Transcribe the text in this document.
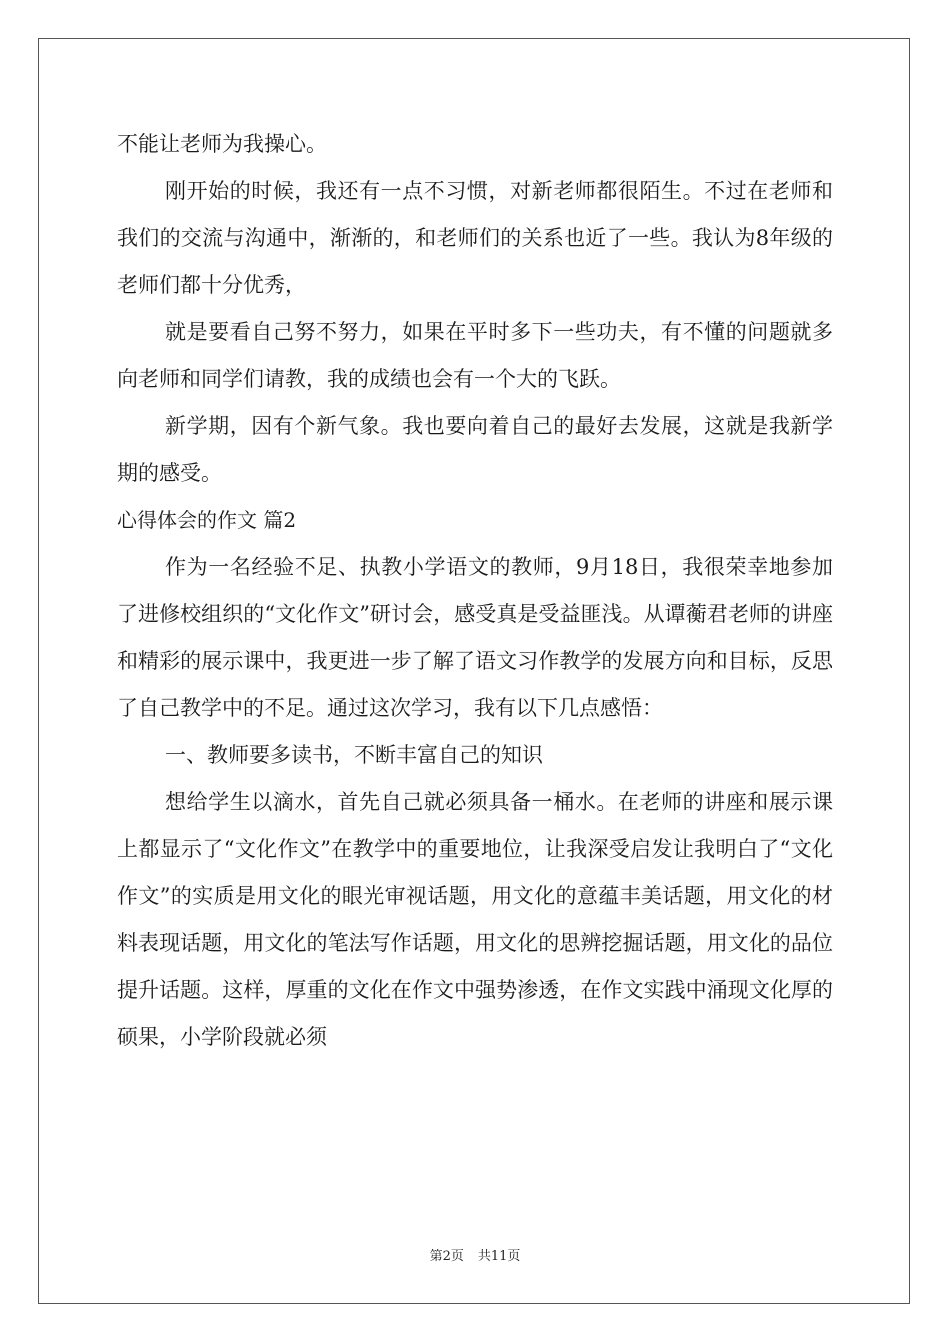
不能让老师为我操心。

刚开始的时候，我还有一点不习惯，对新老师都很陌生。不过在老师和我们的交流与沟通中，渐渐的，和老师们的关系也近了一些。我认为8年级的老师们都十分优秀，

就是要看自己努不努力，如果在平时多下一些功夫，有不懂的问题就多向老师和同学们请教，我的成绩也会有一个大的飞跃。

新学期，因有个新气象。我也要向着自己的最好去发展，这就是我新学期的感受。

心得体会的作文 篇2

作为一名经验不足、执教小学语文的教师，9月18日，我很荣幸地参加了进修校组织的“文化作文”研讨会，感受真是受益匪浅。从谭蘅君老师的讲座和精彩的展示课中，我更进一步了解了语文习作教学的发展方向和目标，反思了自己教学中的不足。通过这次学习，我有以下几点感悟：

一、教师要多读书，不断丰富自己的知识

想给学生以滴水，首先自己就必须具备一桶水。在老师的讲座和展示课上都显示了“文化作文”在教学中的重要地位，让我深受启发让我明白了“文化作文”的实质是用文化的眼光审视话题，用文化的意蕴丰美话题，用文化的材料表现话题，用文化的笔法写作话题，用文化的思辨挖掘话题，用文化的品位提升话题。这样，厚重的文化在作文中强势渗透，在作文实践中涌现文化厚的硕果，小学阶段就必须

第2页 共11页
